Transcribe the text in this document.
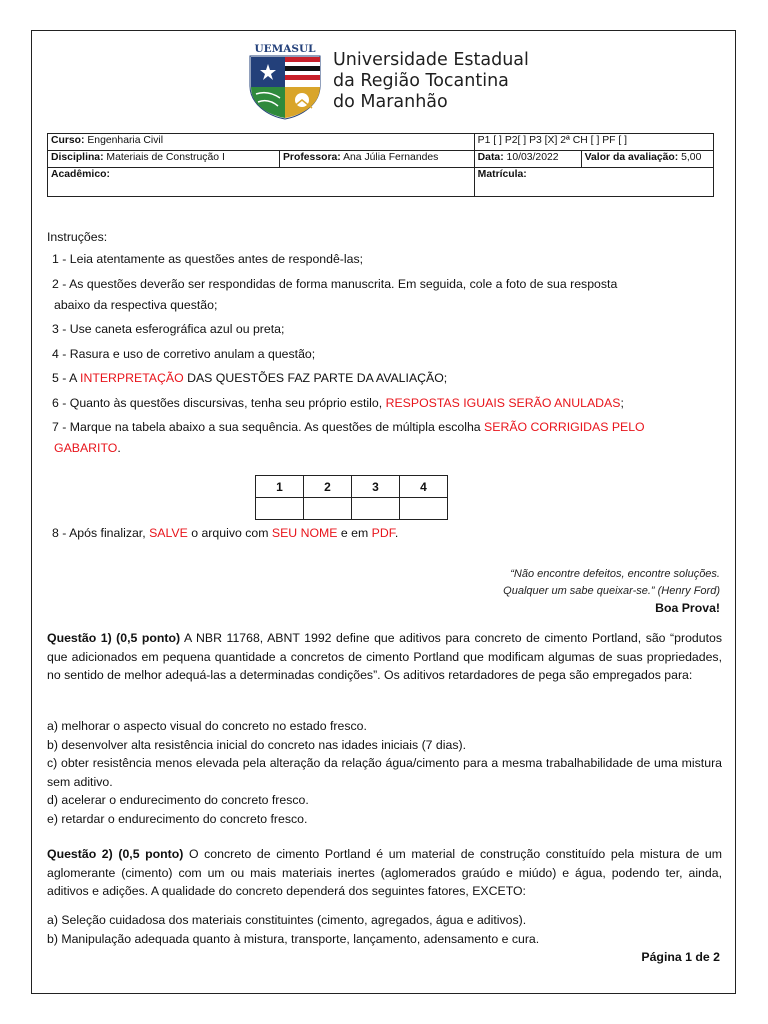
UEMASUL
Universidade Estadual
da Região Tocantina
do Maranhão
Curso: Engenharia Civil		P1 [ ] P2[ ] P3 [X] 2ª CH [ ] PF [ ]	
Disciplina: Materiais de Construção I	Professora: Ana Júlia Fernandes	Data: 10/03/2022	Valor da avaliação: 5,00
Acadêmico:		Matrícula:	
Instruções:
1 - Leia atentamente as questões antes de respondê-las;
2 - As questões deverão ser respondidas de forma manuscrita. Em seguida, cole a foto de sua resposta
abaixo da respectiva questão;
3 - Use caneta esferográfica azul ou preta;
4 - Rasura e uso de corretivo anulam a questão;
5 - A INTERPRETAÇÃO DAS QUESTÕES FAZ PARTE DA AVALIAÇÃO;
6 - Quanto às questões discursivas, tenha seu próprio estilo, RESPOSTAS IGUAIS SERÃO ANULADAS;
7 - Marque na tabela abaixo a sua sequência. As questões de múltipla escolha SERÃO CORRIGIDAS PELO
GABARITO.
1	2	3	4

8 - Após finalizar, SALVE o arquivo com SEU NOME e em PDF.
“Não encontre defeitos, encontre soluções.
Qualquer um sabe queixar-se.” (Henry Ford)
Boa Prova!
Questão 1) (0,5 ponto) A NBR 11768, ABNT 1992 define que aditivos para concreto de cimento Portland, são “produtos que adicionados em pequena quantidade a concretos de cimento Portland que modificam algumas de suas propriedades, no sentido de melhor adequá-las a determinadas condições”. Os aditivos retardadores de pega são empregados para:
a) melhorar o aspecto visual do concreto no estado fresco.
b) desenvolver alta resistência inicial do concreto nas idades iniciais (7 dias).
c) obter resistência menos elevada pela alteração da relação água/cimento para a mesma trabalhabilidade de uma mistura sem aditivo.
d) acelerar o endurecimento do concreto fresco.
e) retardar o endurecimento do concreto fresco.
Questão 2) (0,5 ponto) O concreto de cimento Portland é um material de construção constituído pela mistura de um aglomerante (cimento) com um ou mais materiais inertes (aglomerados graúdo e miúdo) e água, podendo ter, ainda, aditivos e adições. A qualidade do concreto dependerá dos seguintes fatores, EXCETO:
a) Seleção cuidadosa dos materiais constituintes (cimento, agregados, água e aditivos).
b) Manipulação adequada quanto à mistura, transporte, lançamento, adensamento e cura.
Página 1 de 2
